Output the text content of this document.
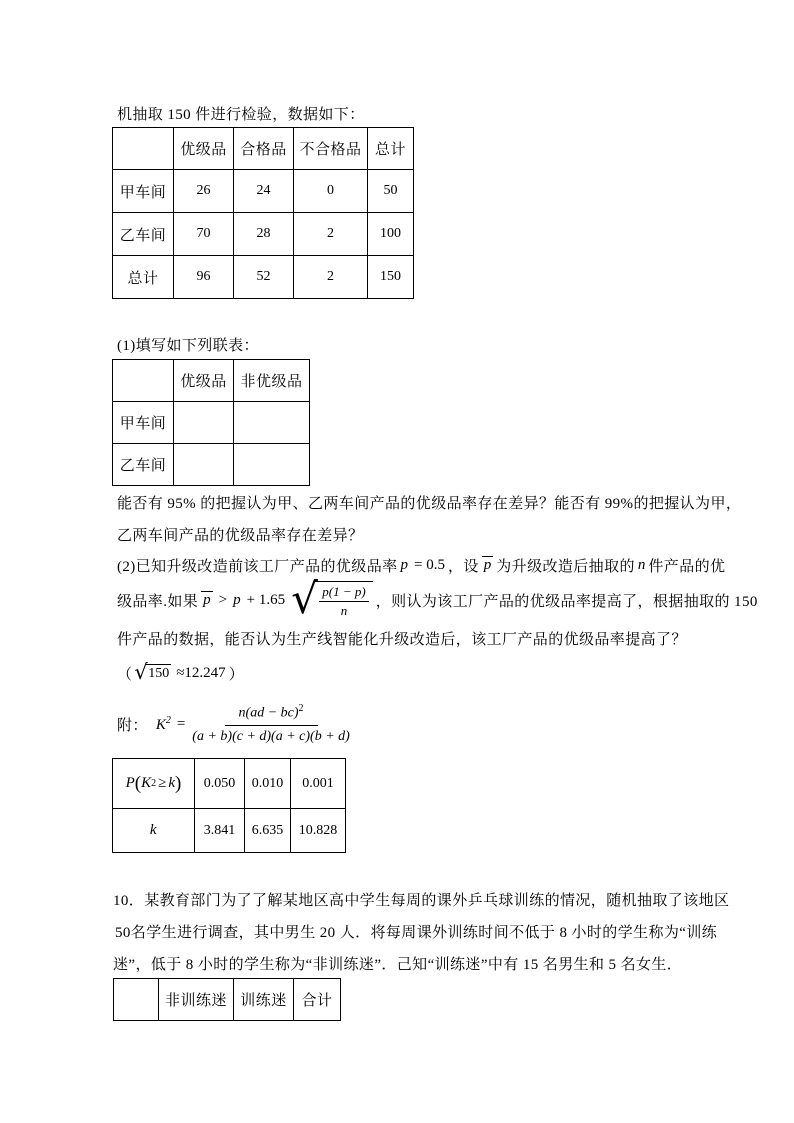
机抽取 150 件进行检验，数据如下：
	优级品	合格品	不合格品	总计
甲车间	26	24	0	50
乙车间	70	28	2	100
总计	96	52	2	150
(1)填写如下列联表：
	优级品	非优级品
甲车间		
乙车间		
能否有 95% 的把握认为甲、乙两车间产品的优级品率存在差异？能否有 99%的把握认为甲，
乙两车间产品的优级品率存在差异？
(2)已知升级改造前该工厂产品的优级品率 p = 0.5 ，设 p 为升级改造后抽取的 n 件产品的优
级品率.如果 p > p + 1.65 √ $\frac{p(1 - p)}{n}$ ，则认为该工厂产品的优级品率提高了，根据抽取的 150
件产品的数据，能否认为生产线智能化升级改造后，该工厂产品的优级品率提高了？
（ √ 150 ≈12.247 ）
附： $K^2 = \frac{n(ad - bc)^2}{(a + b)(c + d)(a + c)(b + d)}$
P ( K 2 ≥ k )	0.050	0.010	0.001
k	3.841	6.635	10.828
10．某教育部门为了了解某地区高中学生每周的课外乒乓球训练的情况，随机抽取了该地区
50名学生进行调查，其中男生 20 人．将每周课外训练时间不低于 8 小时的学生称为“训练
迷”，低于 8 小时的学生称为“非训练迷”．己知“训练迷”中有 15 名男生和 5 名女生．
	非训练迷	训练迷	合计
